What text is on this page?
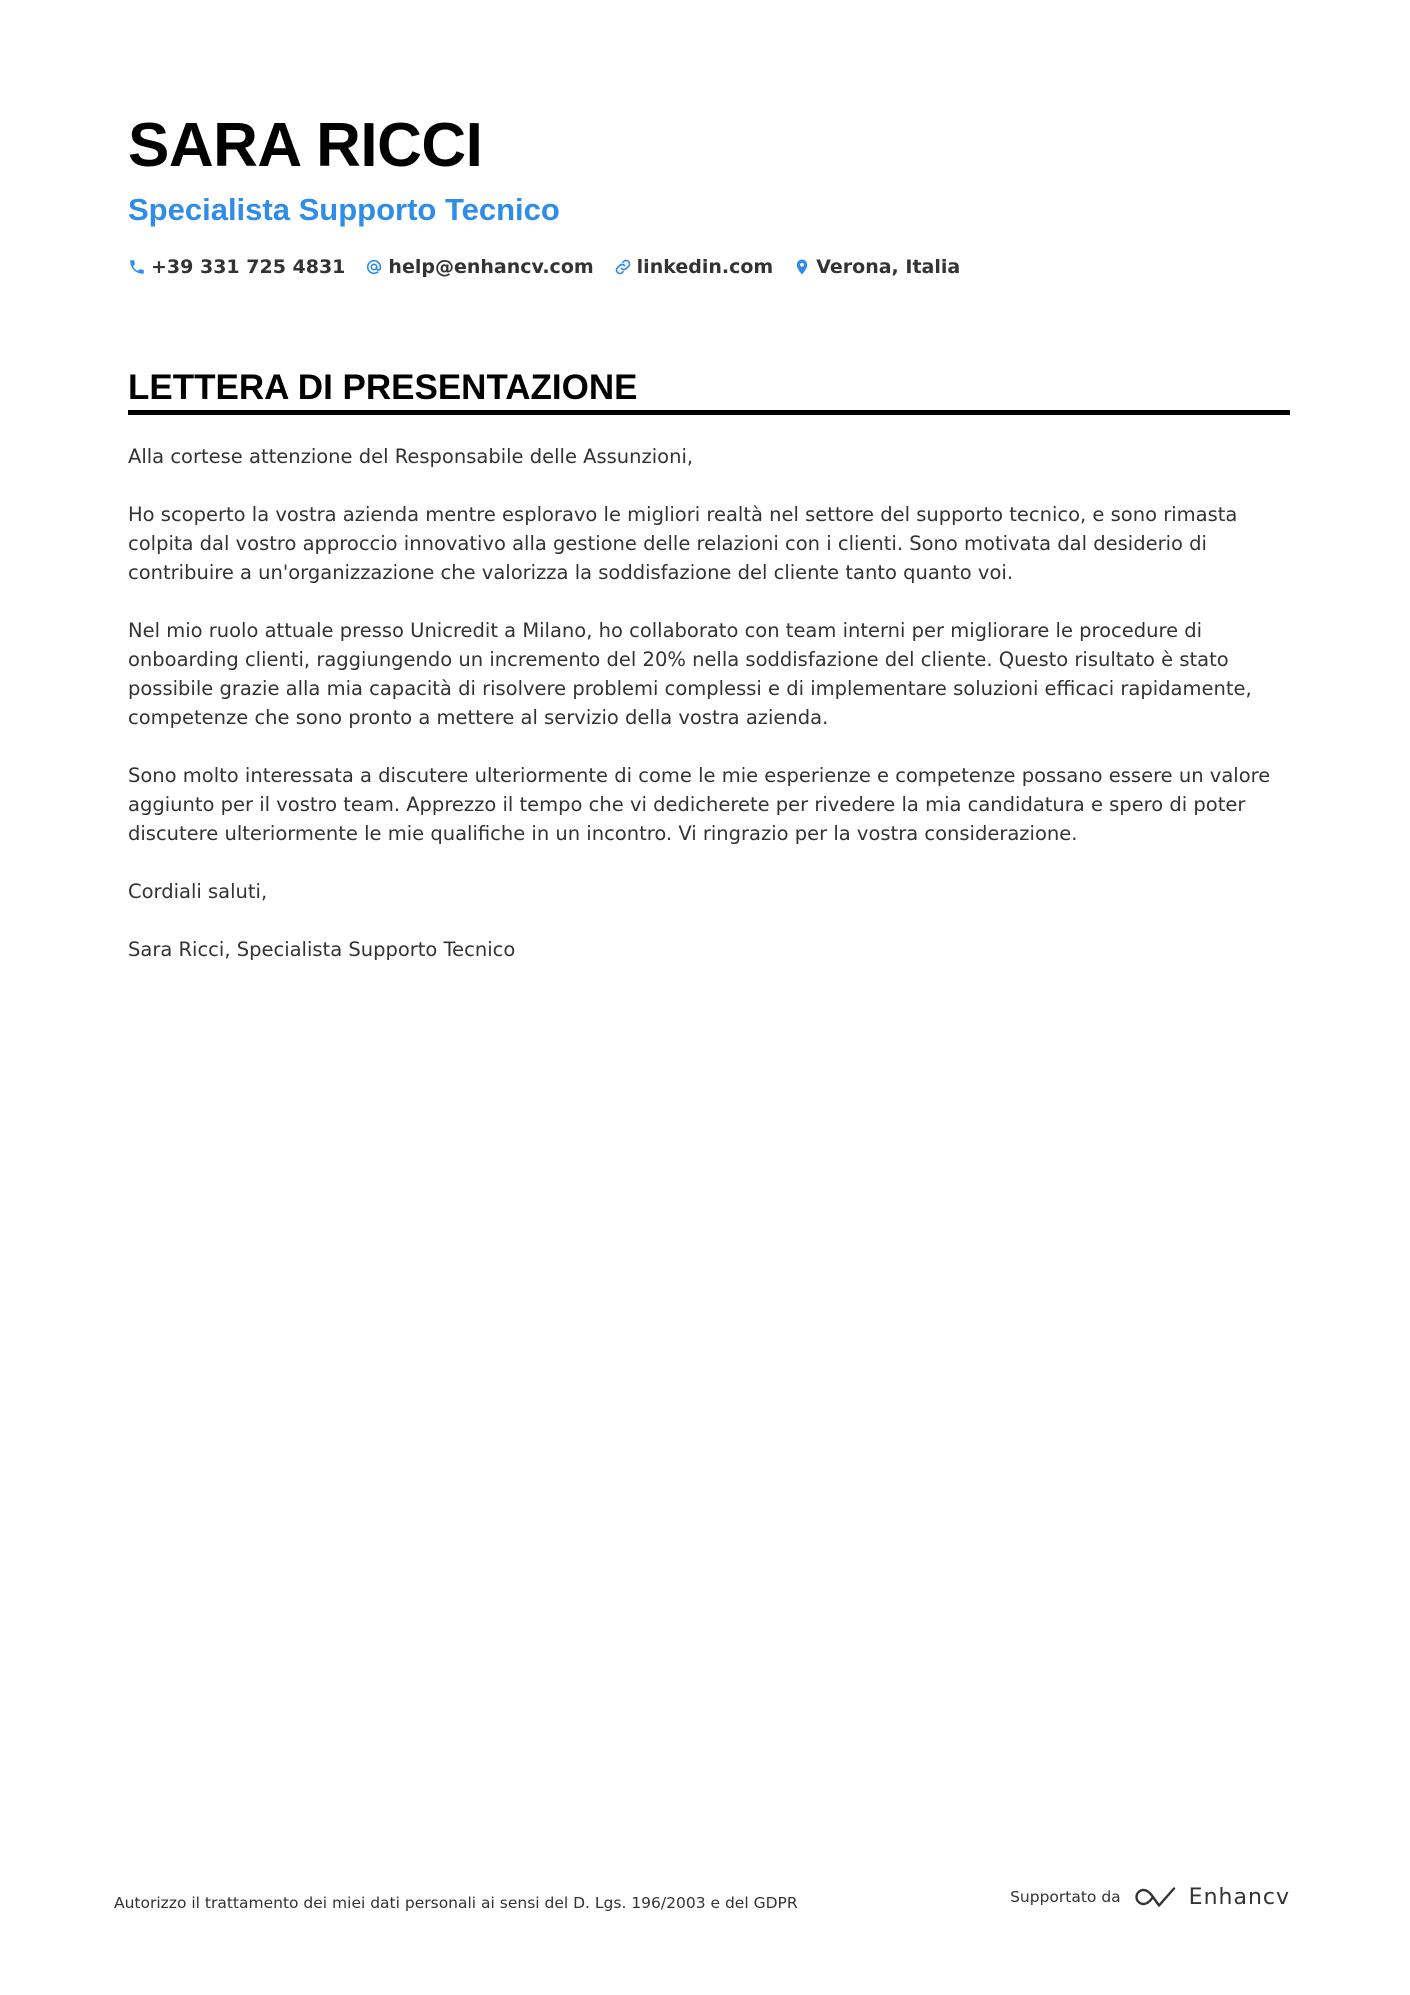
SARA RICCI
Specialista Supporto Tecnico
+39 331 725 4831 help@enhancv.com linkedin.com Verona, Italia
LETTERA DI PRESENTAZIONE

Alla cortese attenzione del Responsabile delle Assunzioni,

Ho scoperto la vostra azienda mentre esploravo le migliori realtà nel settore del supporto tecnico, e sono rimasta colpita dal vostro approccio innovativo alla gestione delle relazioni con i clienti. Sono motivata dal desiderio di contribuire a un'organizzazione che valorizza la soddisfazione del cliente tanto quanto voi.

Nel mio ruolo attuale presso Unicredit a Milano, ho collaborato con team interni per migliorare le procedure di onboarding clienti, raggiungendo un incremento del 20% nella soddisfazione del cliente. Questo risultato è stato possibile grazie alla mia capacità di risolvere problemi complessi e di implementare soluzioni efficaci rapidamente, competenze che sono pronto a mettere al servizio della vostra azienda.

Sono molto interessata a discutere ulteriormente di come le mie esperienze e competenze possano essere un valore aggiunto per il vostro team. Apprezzo il tempo che vi dedicherete per rivedere la mia candidatura e spero di poter discutere ulteriormente le mie qualifiche in un incontro. Vi ringrazio per la vostra considerazione.

Cordiali saluti,

Sara Ricci, Specialista Supporto Tecnico

Autorizzo il trattamento dei miei dati personali ai sensi del D. Lgs. 196/2003 e del GDPR	Supportato da	Enhancv
